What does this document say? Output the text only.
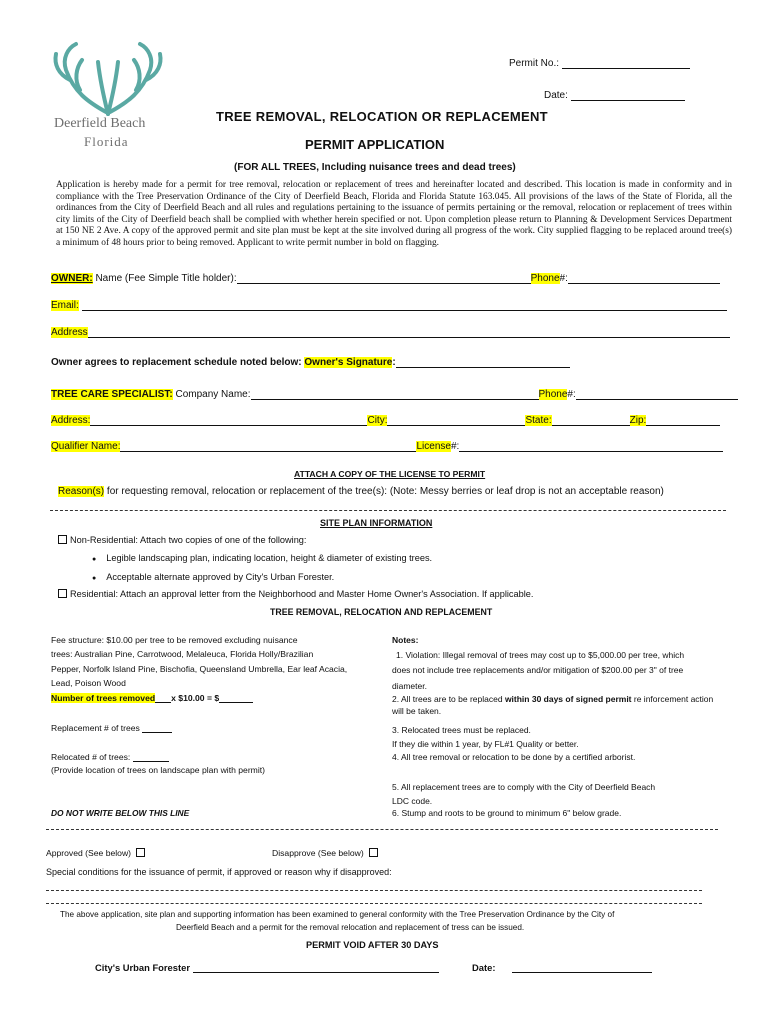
Deerfield Beach
Florida
Permit No.:
Date:
TREE REMOVAL, RELOCATION OR REPLACEMENT
PERMIT APPLICATION
(FOR ALL TREES, Including nuisance trees and dead trees)
Application is hereby made for a permit for tree removal, relocation or replacement of trees and hereinafter located and described. This location is made in conformity and in compliance with the Tree Preservation Ordinance of the City of Deerfield Beach, Florida and Florida Statute 163.045. All provisions of the laws of the State of Florida, all the ordinances from the City of Deerfield Beach and all rules and regulations pertaining to the issuance of permits pertaining or the removal, relocation or replacement of trees within city limits of the City of Deerfield beach shall be complied with whether herein specified or not. Upon completion please return to Planning & Development Services Department at 150 NE 2 Ave. A copy of the approved permit and site plan must be kept at the site involved during all progress of the work. City supplied flagging to be replaced around tree(s) a minimum of 48 hours prior to being removed. Applicant to write permit number in bold on flagging.
OWNER: Name (Fee Simple Title holder):	Phone#:
Email:
Address
Owner agrees to replacement schedule noted below: Owner's Signature:
TREE CARE SPECIALIST: Company Name:	Phone#:
Address:	City:	State:	Zip:
Qualifier Name:	License#:
ATTACH A COPY OF THE LICENSE TO PERMIT
Reason(s) for requesting removal, relocation or replacement of the tree(s): (Note: Messy berries or leaf drop is not an acceptable reason)
SITE PLAN INFORMATION
Non-Residential: Attach two copies of one of the following:
● Legible landscaping plan, indicating location, height & diameter of existing trees.
● Acceptable alternate approved by City's Urban Forester.
Residential: Attach an approval letter from the Neighborhood and Master Home Owner's Association. If applicable.
TREE REMOVAL, RELOCATION AND REPLACEMENT
Fee structure: $10.00 per tree to be removed excluding nuisance
trees: Australian Pine, Carrotwood, Melaleuca, Florida Holly/Brazilian
Pepper, Norfolk Island Pine, Bischofia, Queensland Umbrella, Ear leaf Acacia,
Lead, Poison Wood
Number of trees removed x $10.00 = $
Replacement # of trees
Relocated # of trees:
(Provide location of trees on landscape plan with permit)
DO NOT WRITE BELOW THIS LINE
Notes:
1. Violation: Illegal removal of trees may cost up to $5,000.00 per tree, which
does not include tree replacements and/or mitigation of $200.00 per 3" of tree
diameter.
2. All trees are to be replaced within 30 days of signed permit re inforcement action
will be taken.
3. Relocated trees must be replaced.
If they die within 1 year, by FL#1 Quality or better.
4. All tree removal or relocation to be done by a certified arborist.
5. All replacement trees are to comply with the City of Deerfield Beach
LDC code.
6. Stump and roots to be ground to minimum 6" below grade.
Approved (See below)	Disapprove (See below)
Special conditions for the issuance of permit, if approved or reason why if disapproved:
The above application, site plan and supporting information has been examined to general conformity with the Tree Preservation Ordinance by the City of
Deerfield Beach and a permit for the removal relocation and replacement of tress can be issued.
PERMIT VOID AFTER 30 DAYS
City's Urban Forester	Date:
